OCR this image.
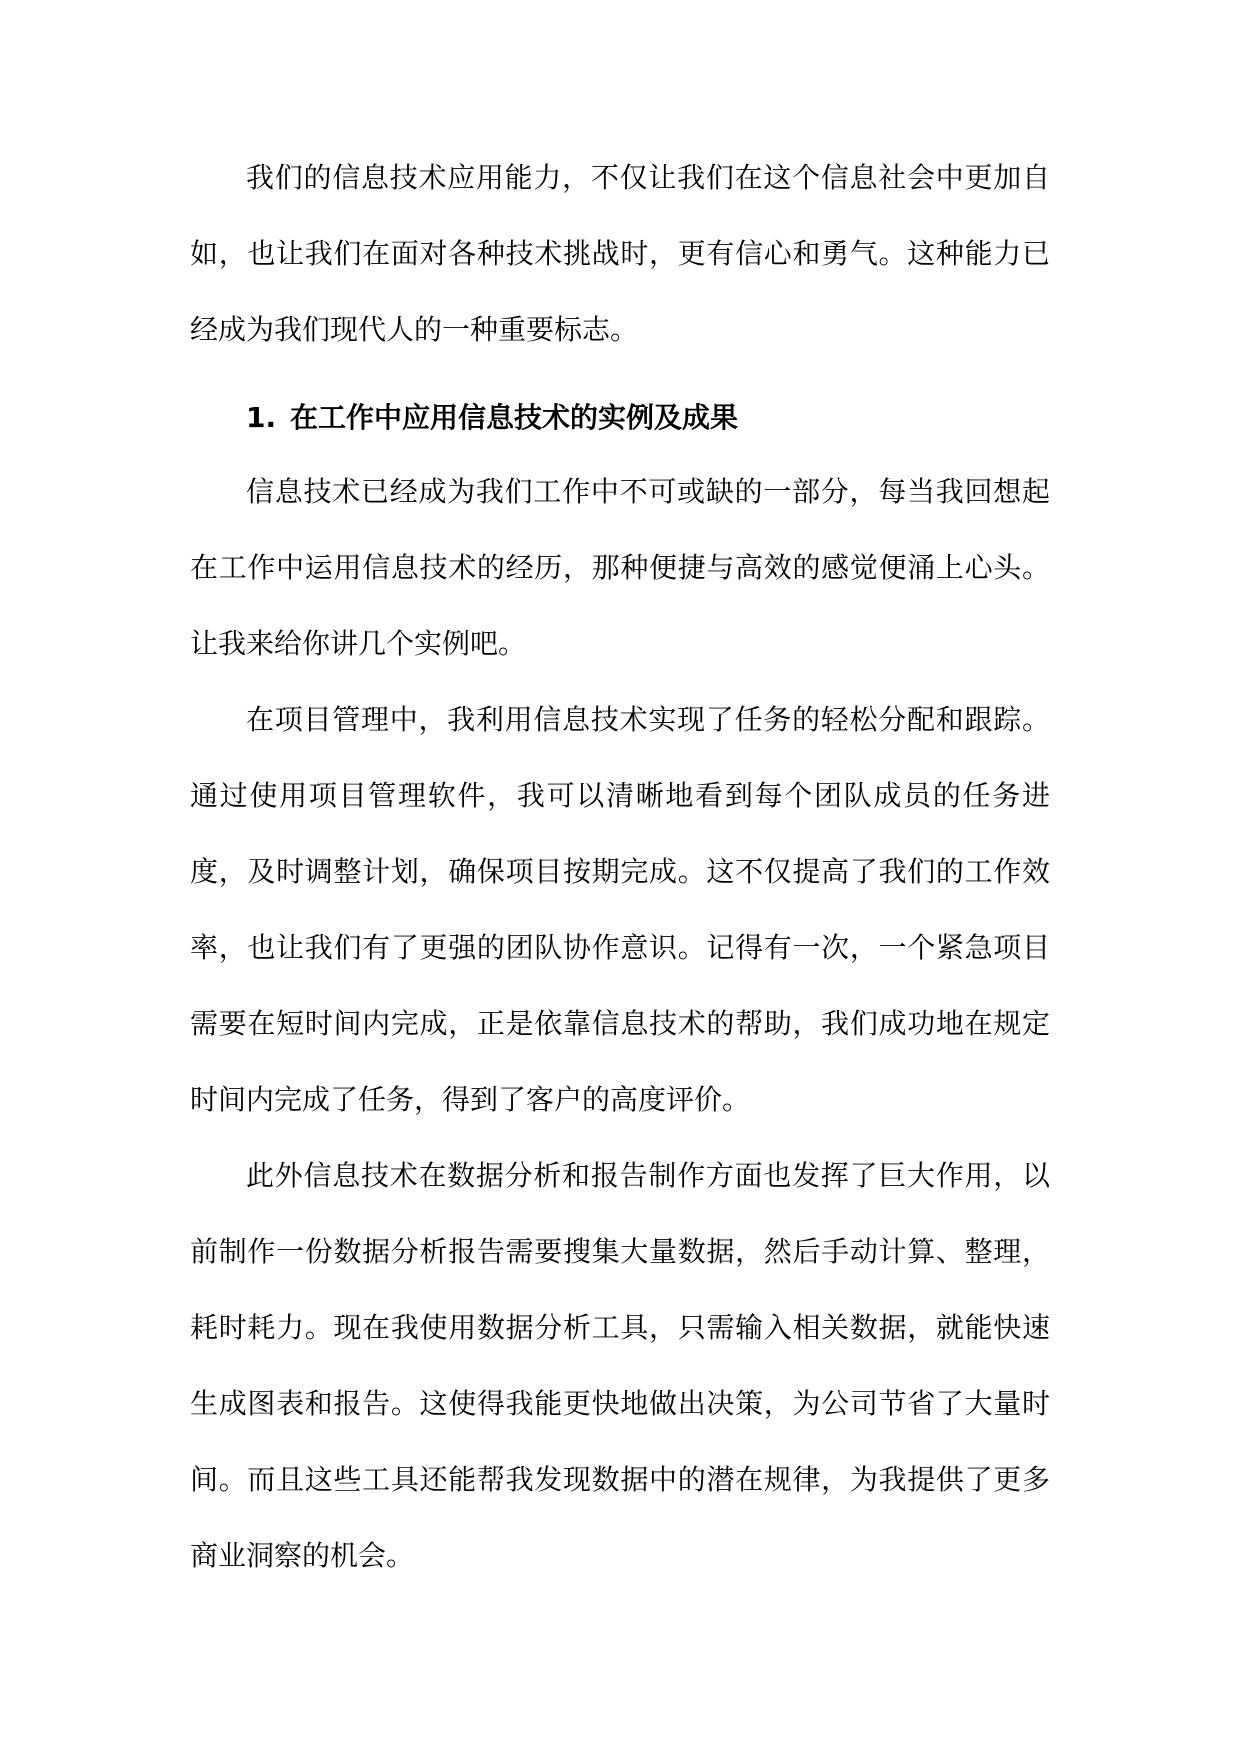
我们的信息技术应用能力，不仅让我们在这个信息社会中更加自如，也让我们在面对各种技术挑战时，更有信心和勇气。这种能力已经成为我们现代人的一种重要标志。

1. 在工作中应用信息技术的实例及成果

信息技术已经成为我们工作中不可或缺的一部分，每当我回想起在工作中运用信息技术的经历，那种便捷与高效的感觉便涌上心头。让我来给你讲几个实例吧。

在项目管理中，我利用信息技术实现了任务的轻松分配和跟踪。通过使用项目管理软件，我可以清晰地看到每个团队成员的任务进度，及时调整计划，确保项目按期完成。这不仅提高了我们的工作效率，也让我们有了更强的团队协作意识。记得有一次，一个紧急项目需要在短时间内完成，正是依靠信息技术的帮助，我们成功地在规定时间内完成了任务，得到了客户的高度评价。

此外信息技术在数据分析和报告制作方面也发挥了巨大作用，以前制作一份数据分析报告需要搜集大量数据，然后手动计算、整理，耗时耗力。现在我使用数据分析工具，只需输入相关数据，就能快速生成图表和报告。这使得我能更快地做出决策，为公司节省了大量时间。而且这些工具还能帮我发现数据中的潜在规律，为我提供了更多商业洞察的机会。
